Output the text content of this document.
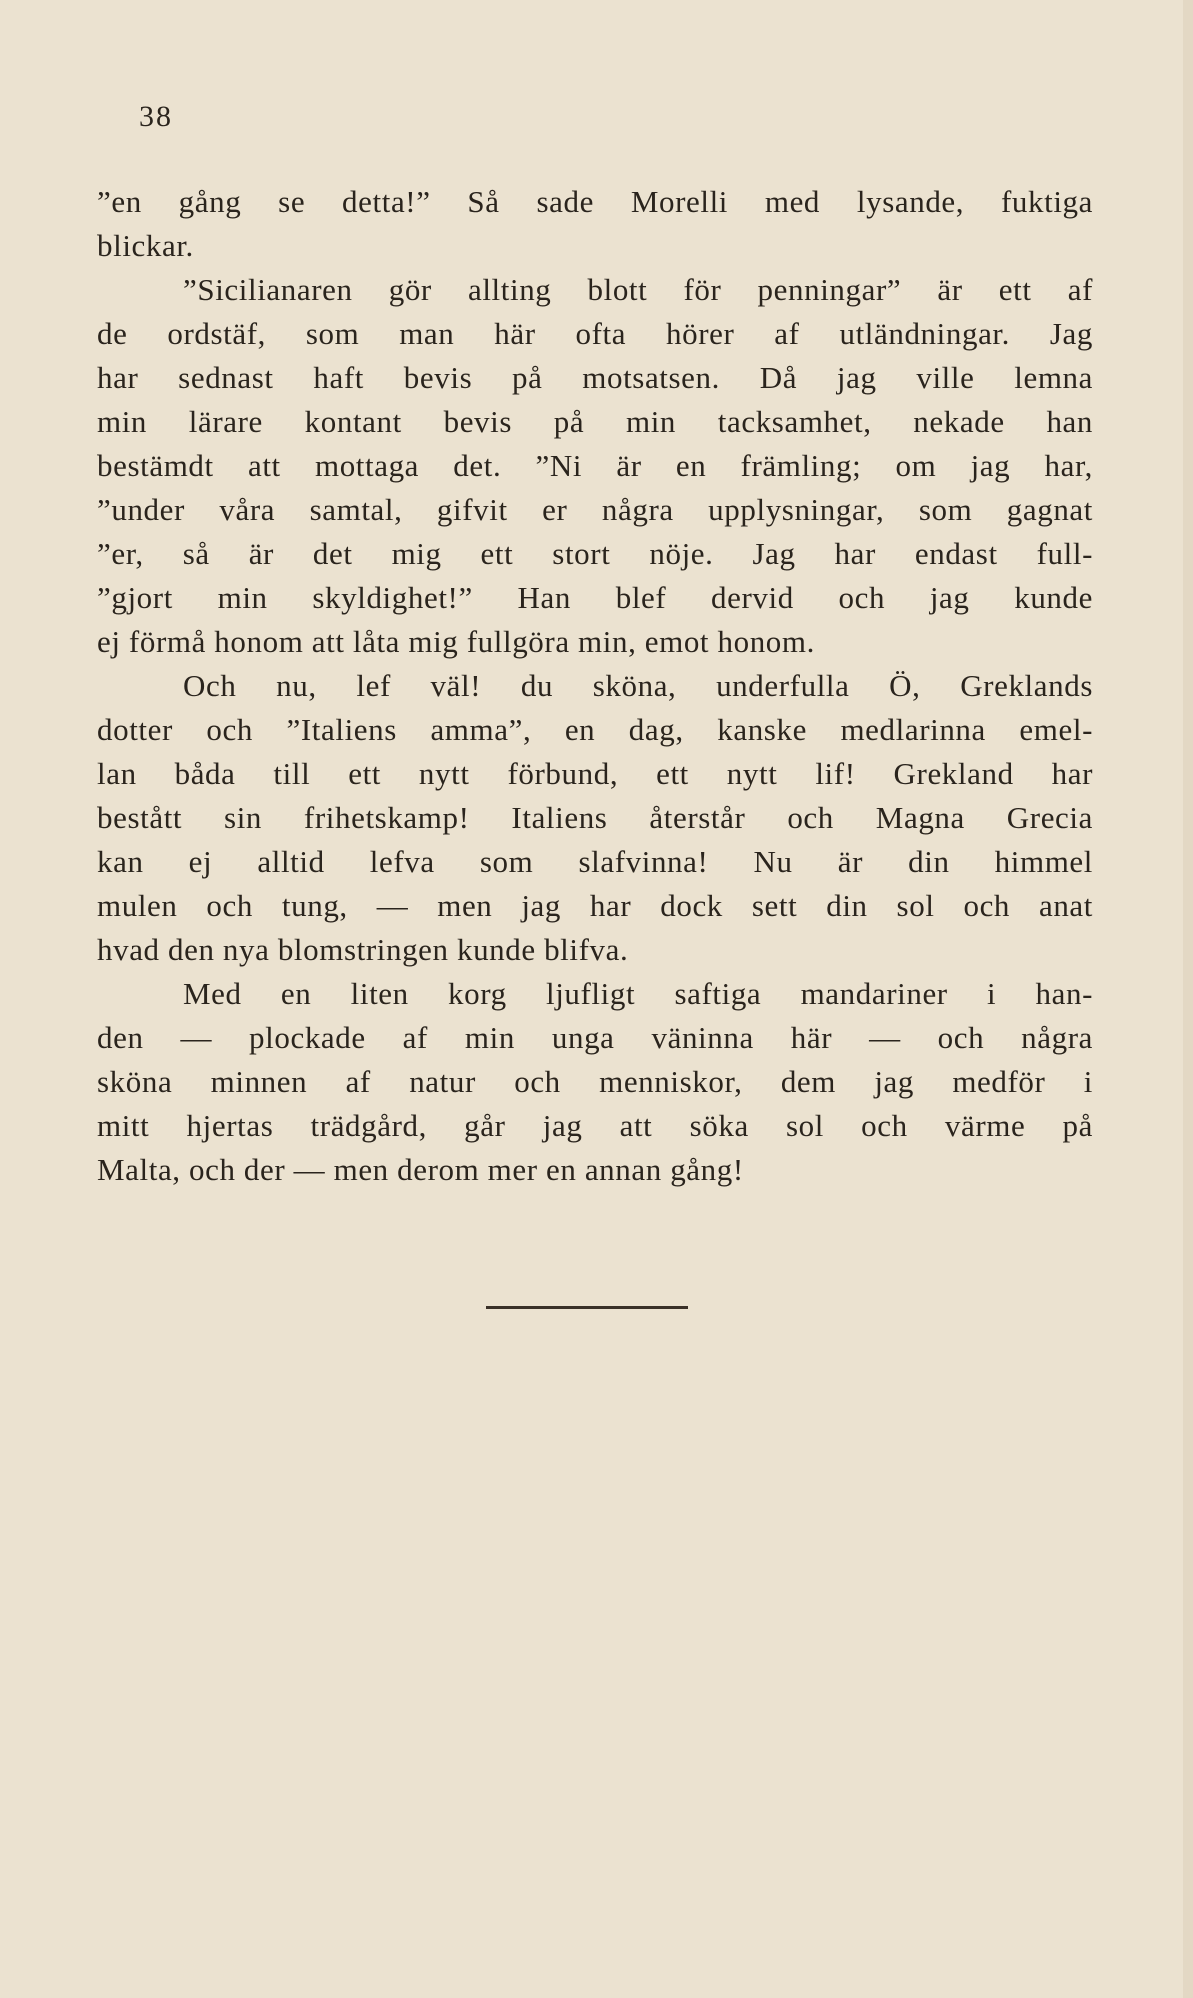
38
”en gång se detta!” Så sade Morelli med lysande, fuktiga
blickar.
”Sicilianaren gör allting blott för penningar” är ett af
de ordstäf, som man här ofta hörer af utländningar. Jag
har sednast haft bevis på motsatsen. Då jag ville lemna
min lärare kontant bevis på min tacksamhet, nekade han
bestämdt att mottaga det. ”Ni är en främling; om jag har,
”under våra samtal, gifvit er några upplysningar, som gagnat
”er, så är det mig ett stort nöje. Jag har endast full-
”gjort min skyldighet!” Han blef dervid och jag kunde
ej förmå honom att låta mig fullgöra min, emot honom.
Och nu, lef väl! du sköna, underfulla Ö, Greklands
dotter och ”Italiens amma”, en dag, kanske medlarinna emel-
lan båda till ett nytt förbund, ett nytt lif! Grekland har
bestått sin frihetskamp! Italiens återstår och Magna Grecia
kan ej alltid lefva som slafvinna! Nu är din himmel
mulen och tung, — men jag har dock sett din sol och anat
hvad den nya blomstringen kunde blifva.
Med en liten korg ljufligt saftiga mandariner i han-
den — plockade af min unga väninna här — och några
sköna minnen af natur och menniskor, dem jag medför i
mitt hjertas trädgård, går jag att söka sol och värme på
Malta, och der — men derom mer en annan gång!
